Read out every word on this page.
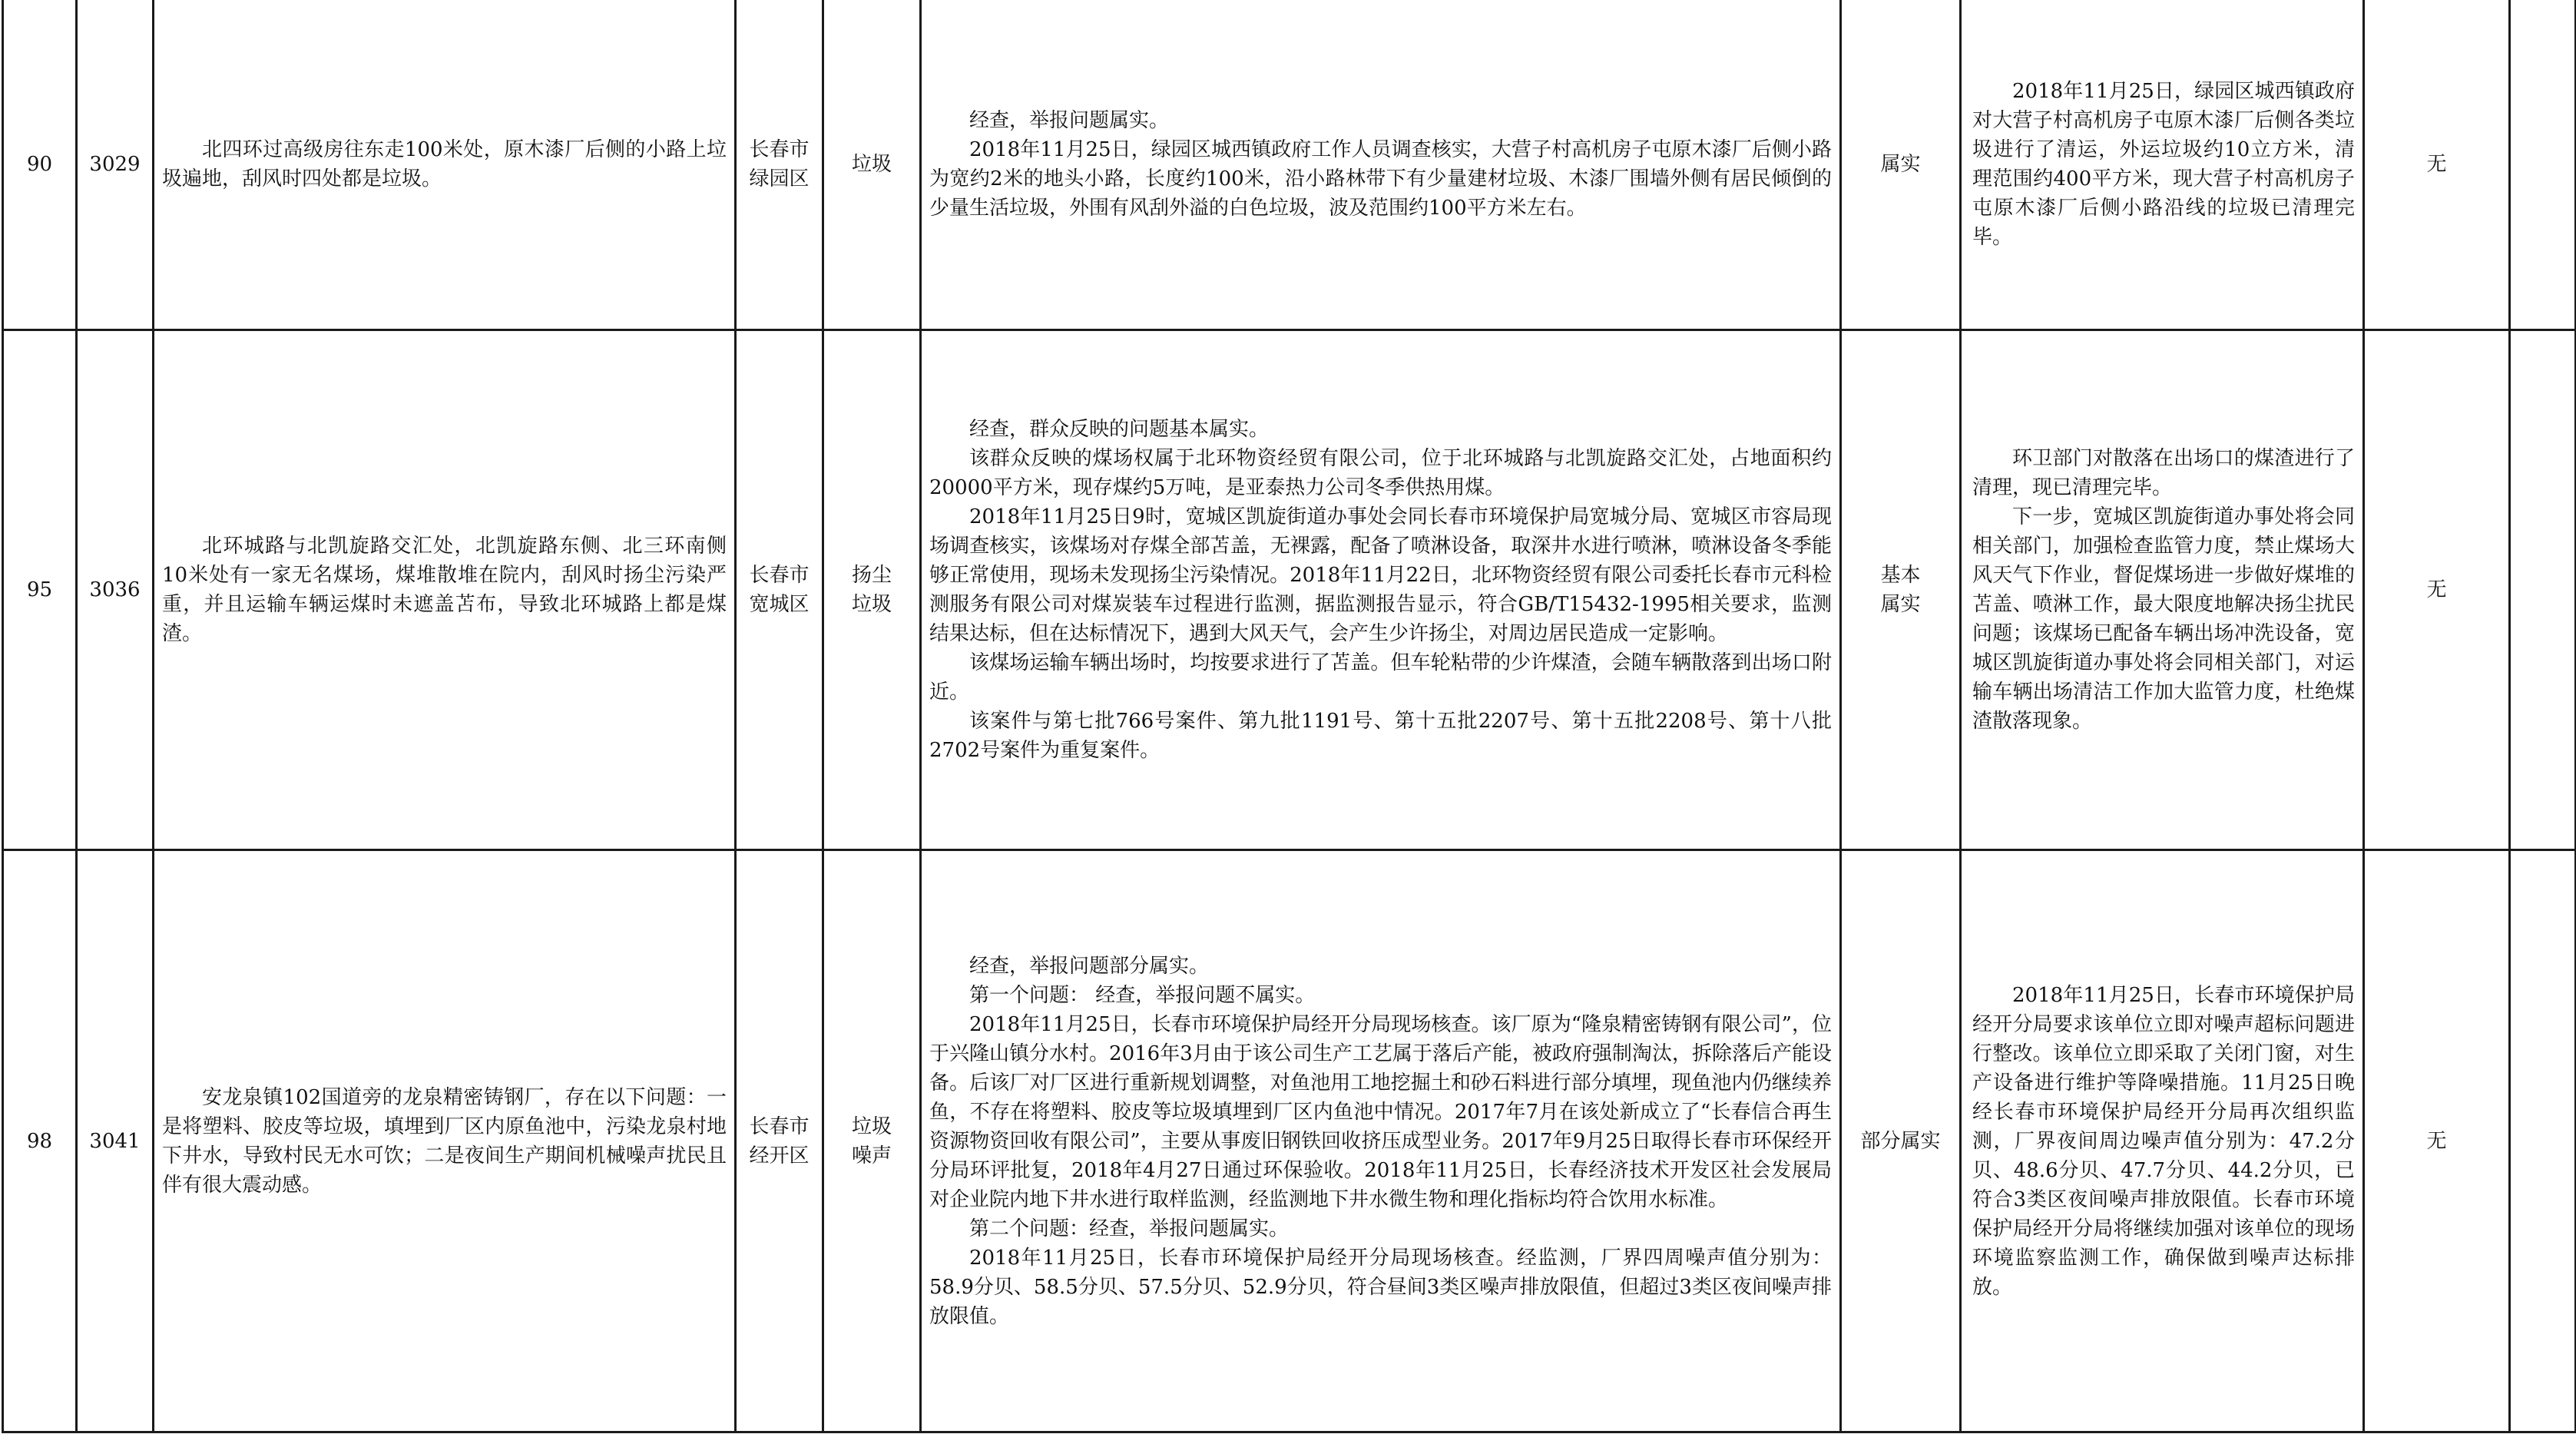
90	3029	北四环过高级房往东走100米处，原木漆厂后侧的小路上垃圾遍地，刮风时四处都是垃圾。	长春市
绿园区	垃圾	经查，举报问题属实。
2018年11月25日，绿园区城西镇政府工作人员调查核实，大营子村高机房子屯原木漆厂后侧小路为宽约2米的地头小路，长度约100米，沿小路林带下有少量建材垃圾、木漆厂围墙外侧有居民倾倒的少量生活垃圾，外围有风刮外溢的白色垃圾，波及范围约100平方米左右。	属实	2018年11月25日，绿园区城西镇政府对大营子村高机房子屯原木漆厂后侧各类垃圾进行了清运，外运垃圾约10立方米，清理范围约400平方米，现大营子村高机房子屯原木漆厂后侧小路沿线的垃圾已清理完毕。	无	
95	3036	北环城路与北凯旋路交汇处，北凯旋路东侧、北三环南侧10米处有一家无名煤场，煤堆散堆在院内，刮风时扬尘污染严重，并且运输车辆运煤时未遮盖苫布，导致北环城路上都是煤渣。	长春市
宽城区	扬尘
垃圾	经查，群众反映的问题基本属实。
该群众反映的煤场权属于北环物资经贸有限公司，位于北环城路与北凯旋路交汇处，占地面积约20000平方米，现存煤约5万吨，是亚泰热力公司冬季供热用煤。
2018年11月25日9时，宽城区凯旋街道办事处会同长春市环境保护局宽城分局、宽城区市容局现场调查核实，该煤场对存煤全部苫盖，无裸露，配备了喷淋设备，取深井水进行喷淋，喷淋设备冬季能够正常使用，现场未发现扬尘污染情况。2018年11月22日，北环物资经贸有限公司委托长春市元科检测服务有限公司对煤炭装车过程进行监测，据监测报告显示，符合GB/T15432-1995相关要求，监测结果达标，但在达标情况下，遇到大风天气，会产生少许扬尘，对周边居民造成一定影响。
该煤场运输车辆出场时，均按要求进行了苫盖。但车轮粘带的少许煤渣，会随车辆散落到出场口附近。
该案件与第七批766号案件、第九批1191号、第十五批2207号、第十五批2208号、第十八批2702号案件为重复案件。	基本
属实	环卫部门对散落在出场口的煤渣进行了清理，现已清理完毕。
下一步，宽城区凯旋街道办事处将会同相关部门，加强检查监管力度，禁止煤场大风天气下作业，督促煤场进一步做好煤堆的苫盖、喷淋工作，最大限度地解决扬尘扰民问题；该煤场已配备车辆出场冲洗设备，宽城区凯旋街道办事处将会同相关部门，对运输车辆出场清洁工作加大监管力度，杜绝煤渣散落现象。	无	
98	3041	安龙泉镇102国道旁的龙泉精密铸钢厂，存在以下问题：一是将塑料、胶皮等垃圾，填埋到厂区内原鱼池中，污染龙泉村地下井水，导致村民无水可饮；二是夜间生产期间机械噪声扰民且伴有很大震动感。	长春市
经开区	垃圾
噪声	经查，举报问题部分属实。
第一个问题： 经查，举报问题不属实。
2018年11月25日，长春市环境保护局经开分局现场核查。该厂原为“隆泉精密铸钢有限公司”，位于兴隆山镇分水村。2016年3月由于该公司生产工艺属于落后产能，被政府强制淘汰，拆除落后产能设备。后该厂对厂区进行重新规划调整，对鱼池用工地挖掘土和砂石料进行部分填埋，现鱼池内仍继续养鱼，不存在将塑料、胶皮等垃圾填埋到厂区内鱼池中情况。2017年7月在该处新成立了“长春信合再生资源物资回收有限公司”，主要从事废旧钢铁回收挤压成型业务。2017年9月25日取得长春市环保经开分局环评批复，2018年4月27日通过环保验收。2018年11月25日，长春经济技术开发区社会发展局对企业院内地下井水进行取样监测，经监测地下井水微生物和理化指标均符合饮用水标准。
第二个问题：经查，举报问题属实。
2018年11月25日，长春市环境保护局经开分局现场核查。经监测，厂界四周噪声值分别为：58.9分贝、58.5分贝、57.5分贝、52.9分贝，符合昼间3类区噪声排放限值，但超过3类区夜间噪声排放限值。	部分属实	2018年11月25日，长春市环境保护局经开分局要求该单位立即对噪声超标问题进行整改。该单位立即采取了关闭门窗，对生产设备进行维护等降噪措施。11月25日晚经长春市环境保护局经开分局再次组织监测，厂界夜间周边噪声值分别为：47.2分贝、48.6分贝、47.7分贝、44.2分贝，已符合3类区夜间噪声排放限值。长春市环境保护局经开分局将继续加强对该单位的现场环境监察监测工作，确保做到噪声达标排放。	无	
